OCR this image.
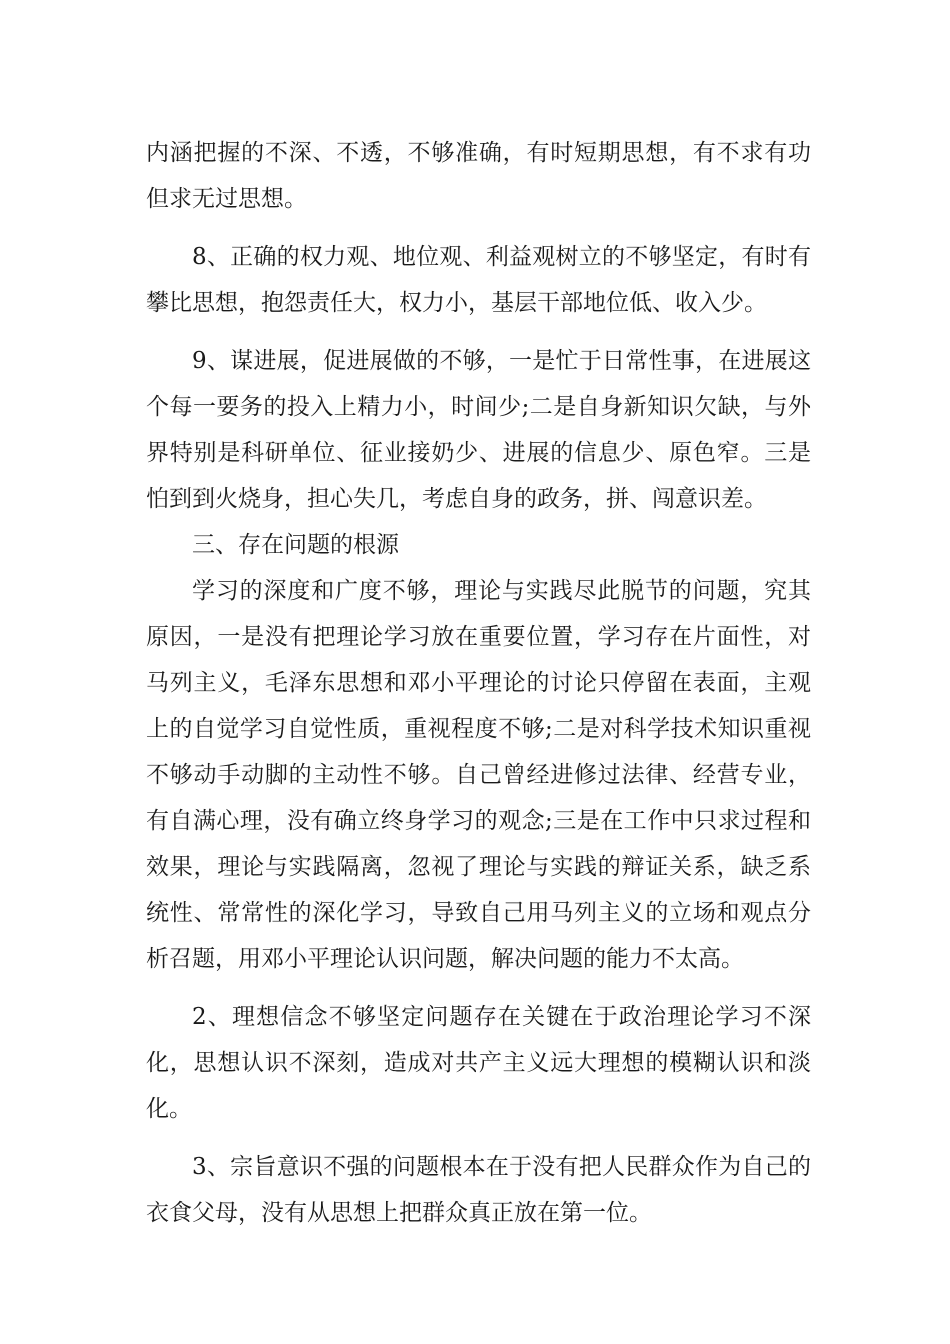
内涵把握的不深、不透，不够准确，有时短期思想，有不求有功但求无过思想。

8、正确的权力观、地位观、利益观树立的不够坚定，有时有攀比思想，抱怨责任大，权力小，基层干部地位低、收入少。

9、谋进展，促进展做的不够，一是忙于日常性事，在进展这个每一要务的投入上精力小，时间少;二是自身新知识欠缺，与外界特别是科研单位、征业接奶少、进展的信息少、原色窄。三是怕到到火烧身，担心失几，考虑自身的政务，拼、闯意识差。

三、存在问题的根源

学习的深度和广度不够，理论与实践尽此脱节的问题，究其原因，一是没有把理论学习放在重要位置，学习存在片面性，对马列主义，毛泽东思想和邓小平理论的讨论只停留在表面，主观上的自觉学习自觉性质，重视程度不够;二是对科学技术知识重视不够动手动脚的主动性不够。自己曾经进修过法律、经营专业，有自满心理，没有确立终身学习的观念;三是在工作中只求过程和效果，理论与实践隔离，忽视了理论与实践的辩证关系，缺乏系统性、常常性的深化学习，导致自己用马列主义的立场和观点分析召题，用邓小平理论认识问题，解决问题的能力不太高。

2、理想信念不够坚定问题存在关键在于政治理论学习不深化，思想认识不深刻，造成对共产主义远大理想的模糊认识和淡化。

3、宗旨意识不强的问题根本在于没有把人民群众作为自己的衣食父母，没有从思想上把群众真正放在第一位。
